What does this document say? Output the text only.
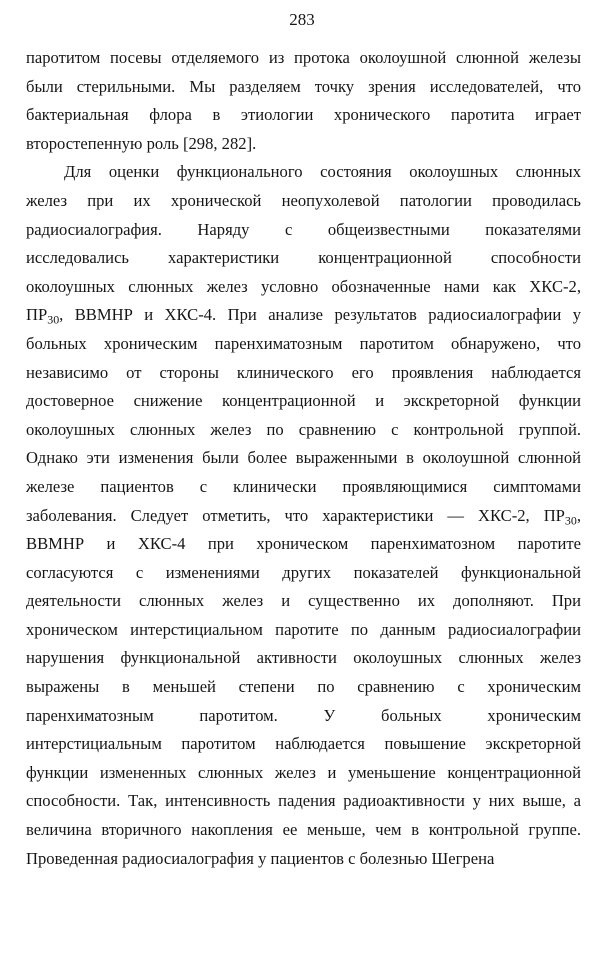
283
паротитом посевы отделяемого из протока околоушной слюнной железы
были стерильными. Мы разделяем точку зрения исследователей, что
бактериальная флора в этиологии хронического паротита играет
второстепенную роль [298, 282].
Для оценки функционального состояния околоушных слюнных
желез при их хронической неопухолевой патологии проводилась
радиосиалография. Наряду с общеизвестными показателями
исследовались характеристики концентрационной способности
околоушных слюнных желез условно обозначенные нами как ХКС-2,
$ПР_{30}$, ВВМНР и ХКС-4. При анализе результатов радиосиалографии у
больных хроническим паренхиматозным паротитом обнаружено, что
независимо от стороны клинического его проявления наблюдается
достоверное снижение концентрационной и экскреторной функции
околоушных слюнных желез по сравнению с контрольной группой.
Однако эти изменения были более выраженными в околоушной слюнной
железе пациентов с клинически проявляющимися симптомами
заболевания. Следует отметить, что характеристики — ХКС-2, $ПР_{30}$,
ВВМНР и ХКС-4 при хроническом паренхиматозном паротите
согласуются с изменениями других показателей функциональной
деятельности слюнных желез и существенно их дополняют. При
хроническом интерстициальном паротите по данным радиосиалографии
нарушения функциональной активности околоушных слюнных желез
выражены в меньшей степени по сравнению с хроническим
паренхиматозным паротитом. У больных хроническим
интерстициальным паротитом наблюдается повышение экскреторной
функции измененных слюнных желез и уменьшение концентрационной
способности. Так, интенсивность падения радиоактивности у них выше, а
величина вторичного накопления ее меньше, чем в контрольной группе.
Проведенная радиосиалография у пациентов с болезнью Шегрена
